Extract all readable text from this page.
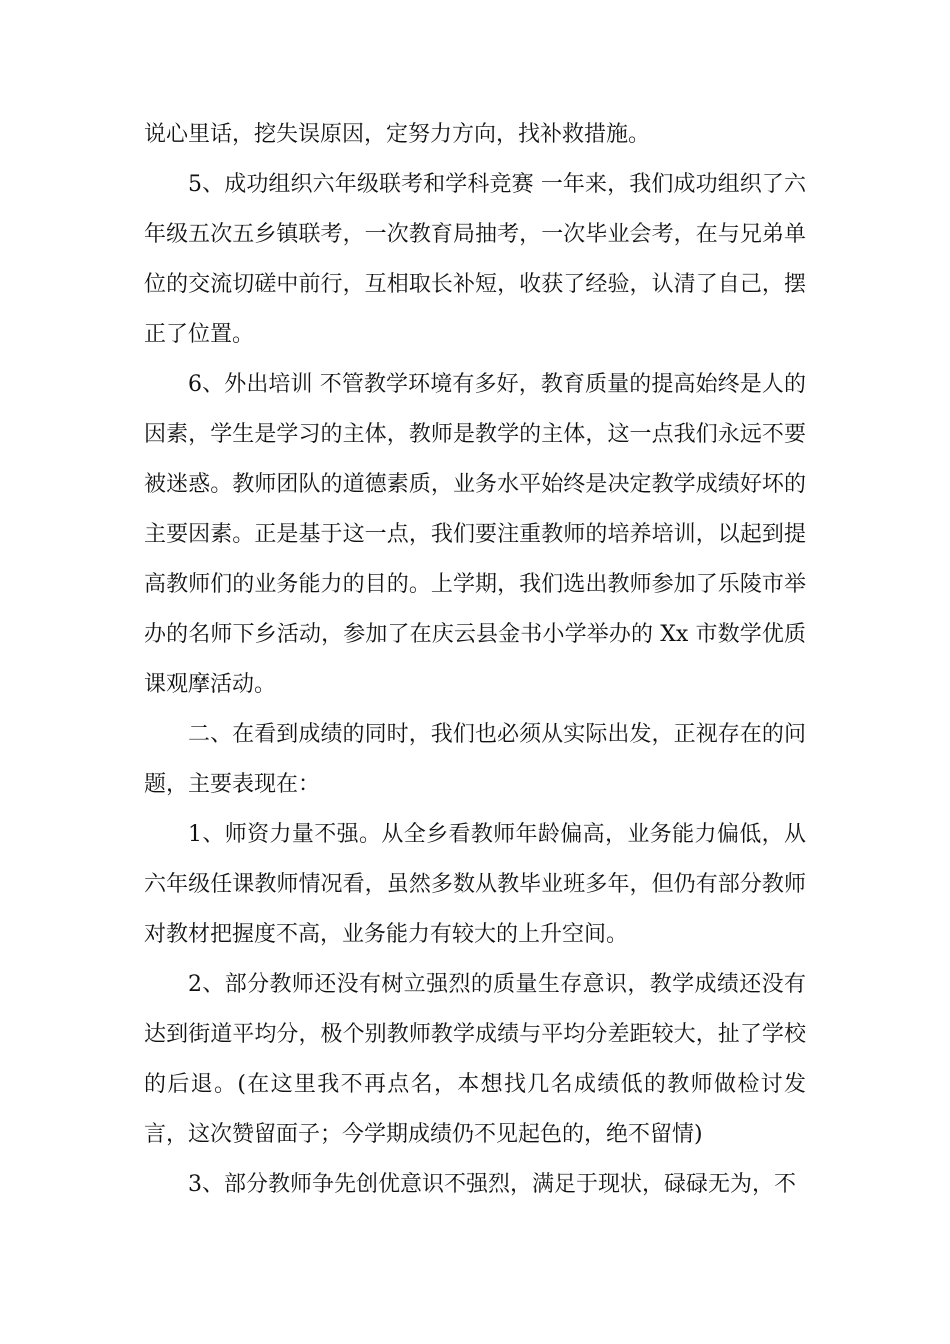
说心里话，挖失误原因，定努力方向，找补救措施。

5、成功组织六年级联考和学科竞赛 一年来，我们成功组织了六年级五次五乡镇联考，一次教育局抽考，一次毕业会考，在与兄弟单位的交流切磋中前行，互相取长补短，收获了经验，认清了自己，摆正了位置。

6、外出培训 不管教学环境有多好，教育质量的提高始终是人的因素，学生是学习的主体，教师是教学的主体，这一点我们永远不要被迷惑。教师团队的道德素质，业务水平始终是决定教学成绩好坏的主要因素。正是基于这一点，我们要注重教师的培养培训，以起到提高教师们的业务能力的目的。上学期，我们选出教师参加了乐陵市举办的名师下乡活动，参加了在庆云县金书小学举办的 Xx 市数学优质课观摩活动。

二、在看到成绩的同时，我们也必须从实际出发，正视存在的问题，主要表现在：

1、师资力量不强。从全乡看教师年龄偏高，业务能力偏低，从六年级任课教师情况看，虽然多数从教毕业班多年，但仍有部分教师对教材把握度不高，业务能力有较大的上升空间。

2、部分教师还没有树立强烈的质量生存意识，教学成绩还没有达到街道平均分，极个别教师教学成绩与平均分差距较大，扯了学校的后退。(在这里我不再点名，本想找几名成绩低的教师做检讨发言，这次赞留面子；今学期成绩仍不见起色的，绝不留情)

3、部分教师争先创优意识不强烈，满足于现状，碌碌无为，不
